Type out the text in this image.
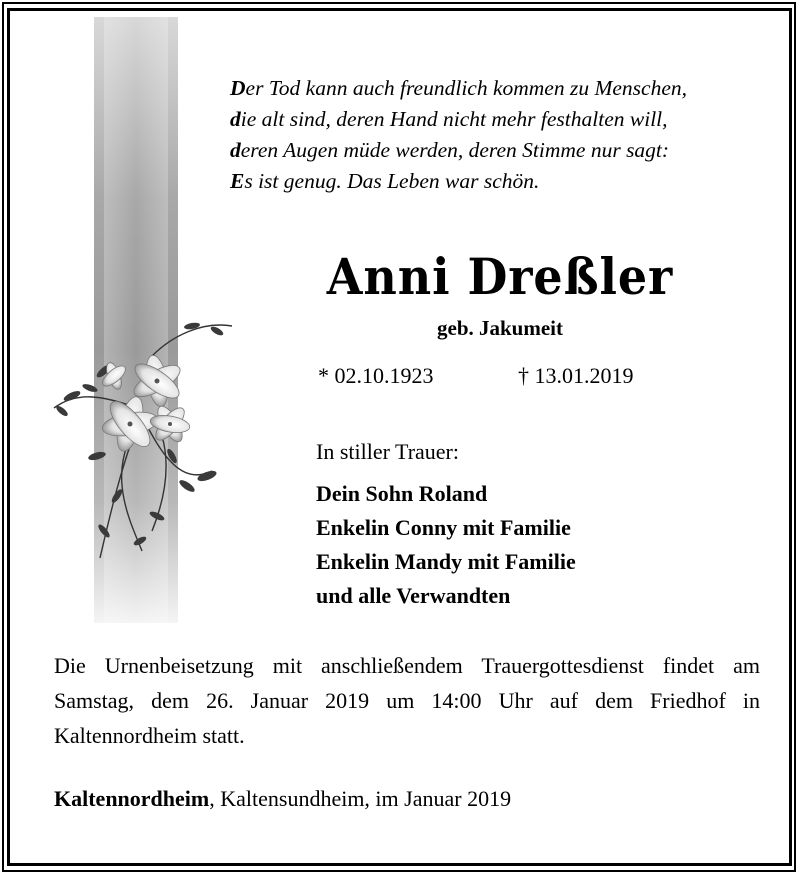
Der Tod kann auch freundlich kommen zu Menschen,
die alt sind, deren Hand nicht mehr festhalten will,
deren Augen müde werden, deren Stimme nur sagt:
Es ist genug. Das Leben war schön.
Anni Dreßler
geb. Jakumeit
* 02.10.1923	† 13.01.2019
In stiller Trauer:
Dein Sohn Roland
Enkelin Conny mit Familie
Enkelin Mandy mit Familie
und alle Verwandten
Die Urnenbeisetzung mit anschließendem Trauergottesdienst findet am Samstag, dem 26. Januar 2019 um 14:00 Uhr auf dem Friedhof in Kaltennordheim statt.
Kaltennordheim, Kaltensundheim, im Januar 2019
